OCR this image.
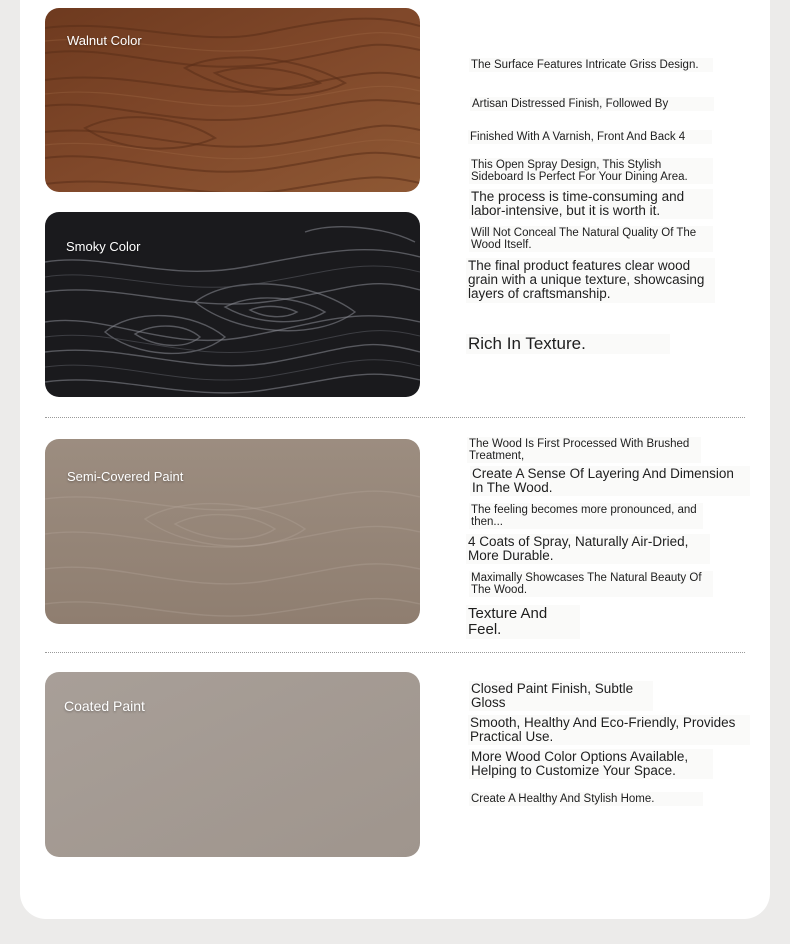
Walnut Color
Smoky Color
The Surface Features Intricate Griss Design.
Artisan Distressed Finish, Followed By
Finished With A Varnish, Front And Back 4
This Open Spray Design, This Stylish Sideboard Is Perfect For Your Dining Area.
The process is time-consuming and labor-intensive, but it is worth it.
Will Not Conceal The Natural Quality Of The Wood Itself.
The final product features clear wood grain with a unique texture, showcasing layers of craftsmanship.
Rich In Texture.
Semi-Covered Paint
The Wood Is First Processed With Brushed Treatment,
Create A Sense Of Layering And Dimension In The Wood.
The feeling becomes more pronounced, and then...
4 Coats of Spray, Naturally Air-Dried, More Durable.
Maximally Showcases The Natural Beauty Of The Wood.
Texture And Feel.
Coated Paint
Closed Paint Finish, Subtle Gloss
Smooth, Healthy And Eco-Friendly, Provides Practical Use.
More Wood Color Options Available, Helping to Customize Your Space.
Create A Healthy And Stylish Home.
